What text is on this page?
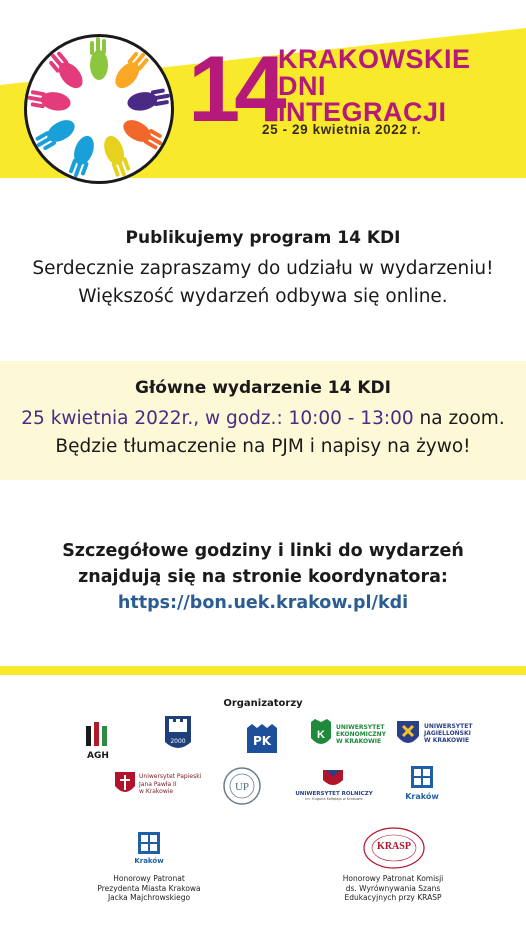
14
KRAKOWSKIE
DNI
INTEGRACJI
25 - 29 kwietnia 2022 r.
Publikujemy program 14 KDI
Serdecznie zapraszamy do udziału w wydarzeniu!
Większość wydarzeń odbywa się online.
Główne wydarzenie 14 KDI
25 kwietnia 2022r., w godz.: 10:00 - 13:00 na zoom.
Będzie tłumaczenie na PJM i napisy na żywo!
Szczegółowe godziny i linki do wydarzeń
znajdują się na stronie koordynatora:
https://bon.uek.krakow.pl/kdi
Organizatorzy
AGH
2000	PK	K
UNIWERSYTET
EKONOMICZNY
W KRAKOWIE
UNIWERSYTET
JAGIELLOŃSKI
W KRAKOWIE
Uniwersytet Papieski
Jana Pawła II
w Krakowie	UP
UNIWERSYTET ROLNICZY
im. Hugona Kołłątaja w Krakowie	Kraków
Kraków
Honorowy Patronat
Prezydenta Miasta Krakowa
Jacka Majchrowskiego
KRASP
Honorowy Patronat Komisji
ds. Wyrównywania Szans
Edukacyjnych przy KRASP
